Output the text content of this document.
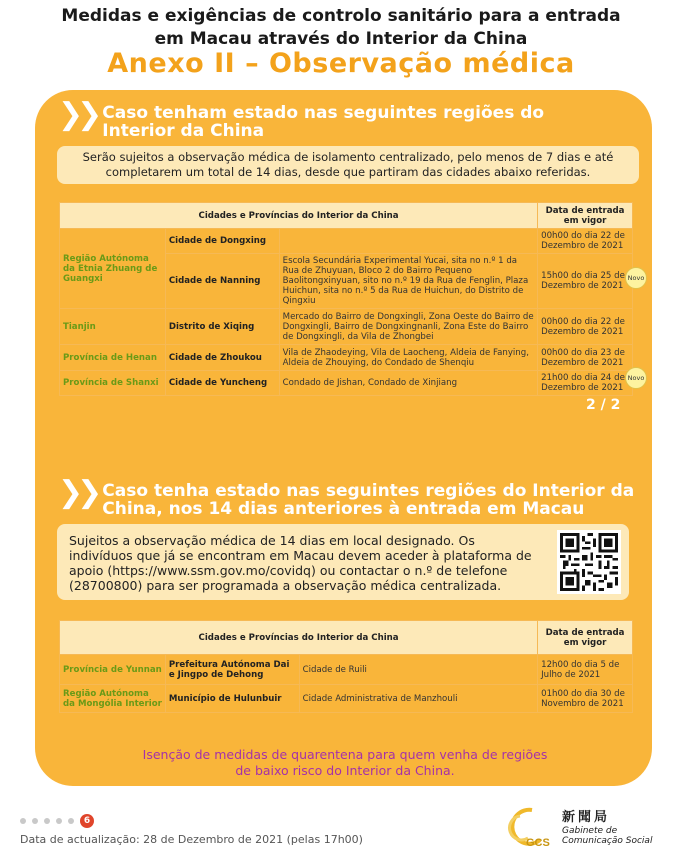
Medidas e exigências de controlo sanitário para a entrada
em Macau através do Interior da China
Anexo II – Observação médica
❯❯ Caso tenham estado nas seguintes regiões do Interior da China
Serão sujeitos a observação médica de isolamento centralizado, pelo menos de 7 dias e até completarem um total de 14 dias, desde que partiram das cidades abaixo referidas.
Cidades e Províncias do Interior da China			Data de entrada em vigor
Região Autónoma da Etnia Zhuang de Guangxi	Cidade de Dongxing		00h00 do dia 22 de Dezembro de 2021
	Cidade de Nanning	Escola Secundária Experimental Yucai, sita no n.º 1 da Rua de Zhuyuan, Bloco 2 do Bairro Pequeno Baolitongxinyuan, sito no n.º 19 da Rua de Fenglin, Plaza Huichun, sita no n.º 5 da Rua de Huichun, do Distrito de Qingxiu	15h00 do dia 25 de Dezembro de 2021
Tianjin	Distrito de Xiqing	Mercado do Bairro de Dongxingli, Zona Oeste do Bairro de Dongxingli, Bairro de Dongxingnanli, Zona Este do Bairro de Dongxingli, da Vila de Zhongbei	00h00 do dia 22 de Dezembro de 2021
Província de Henan	Cidade de Zhoukou	Vila de Zhaodeying, Vila de Laocheng, Aldeia de Fanying, Aldeia de Zhouying, do Condado de Shenqiu	00h00 do dia 23 de Dezembro de 2021
Província de Shanxi	Cidade de Yuncheng	Condado de Jishan, Condado de Xinjiang	21h00 do dia 24 de Dezembro de 2021
Novo
Novo
2 / 2
❯❯ Caso tenha estado nas seguintes regiões do Interior da China, nos 14 dias anteriores à entrada em Macau
Sujeitos a observação médica de 14 dias em local designado. Os indivíduos que já se encontram em Macau devem aceder à plataforma de apoio (https://www.ssm.gov.mo/covidq) ou contactar o n.º de telefone (28700800) para ser programada a observação médica centralizada.
Cidades e Províncias do Interior da China			Data de entrada em vigor
Província de Yunnan	Prefeitura Autónoma Dai e Jingpo de Dehong	Cidade de Ruili	12h00 do dia 5 de Julho de 2021
Região Autónoma da Mongólia Interior	Município de Hulunbuir	Cidade Administrativa de Manzhouli	01h00 do dia 30 de Novembro de 2021
Isenção de medidas de quarentena para quem venha de regiões
de baixo risco do Interior da China.
6
Data de actualização: 28 de Dezembro de 2021 (pelas 17h00)	GCS
新聞局
Gabinete de
Comunicação Social
